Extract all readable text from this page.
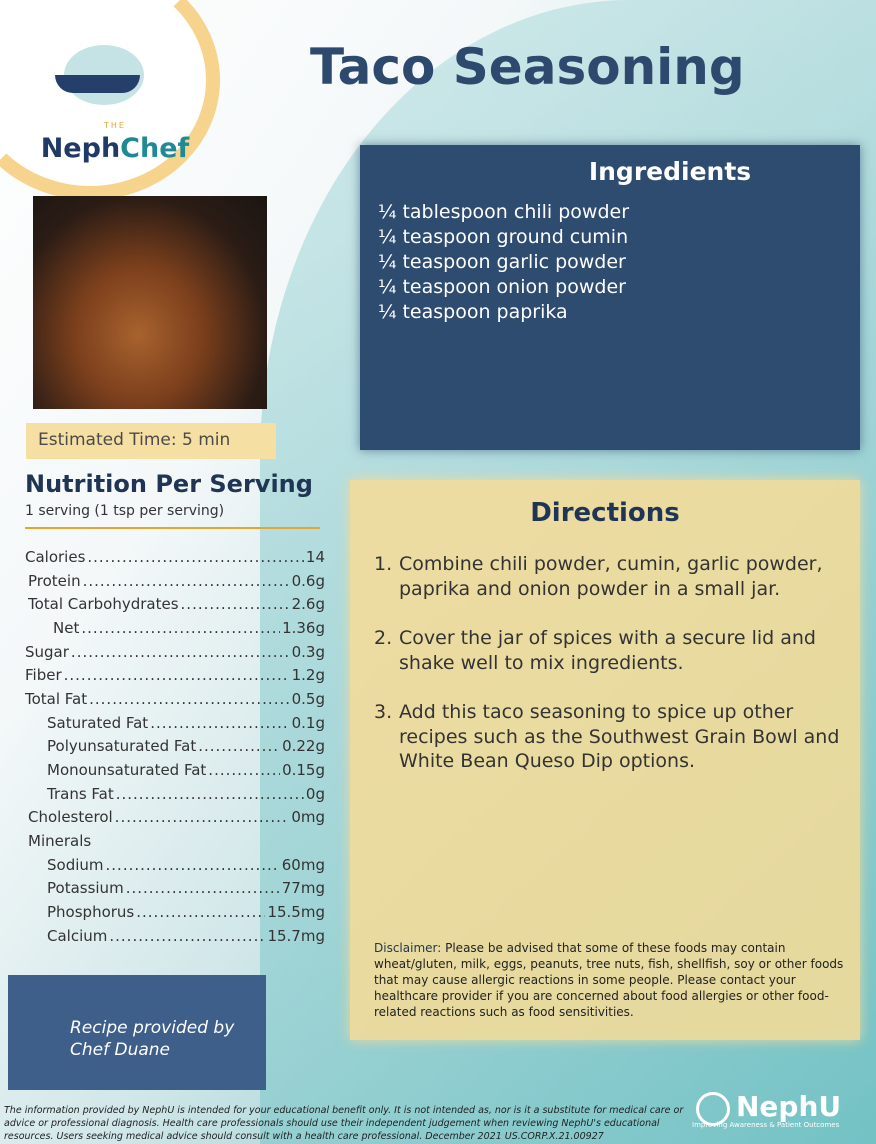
THE
NephChef
Taco Seasoning
Estimated Time: 5 min
Nutrition Per Serving
1 serving (1 tsp per serving)
Calories .....	14
Protein .....	0.6g
Total Carbohydrates .....	2.6g
Net .....	1.36g
Sugar .....	0.3g
Fiber .....	1.2g
Total Fat .....	0.5g
Saturated Fat .....	0.1g
Polyunsaturated Fat .....	0.22g
Monounsaturated Fat .....	0.15g
Trans Fat .....	0g
Cholesterol .....	0mg
Minerals
Sodium .....	60mg
Potassium .....	77mg
Phosphorus .....	15.5mg
Calcium .....	15.7mg
Ingredients
¼ tablespoon chili powder
¼ teaspoon ground cumin
¼ teaspoon garlic powder
¼ teaspoon onion powder
¼ teaspoon paprika
Directions
1. Combine chili powder, cumin, garlic powder, paprika and onion powder in a small jar.
2. Cover the jar of spices with a secure lid and shake well to mix ingredients.
3. Add this taco seasoning to spice up other recipes such as the Southwest Grain Bowl and White Bean Queso Dip options.
Disclaimer: Please be advised that some of these foods may contain wheat/gluten, milk, eggs, peanuts, tree nuts, fish, shellfish, soy or other foods that may cause allergic reactions in some people. Please contact your healthcare provider if you are concerned about food allergies or other food-related reactions such as food sensitivities.
Recipe provided by
Chef Duane
The information provided by NephU is intended for your educational benefit only. It is not intended as, nor is it a substitute for medical care or advice or professional diagnosis. Health care professionals should use their independent judgement when reviewing NephU's educational resources. Users seeking medical advice should consult with a health care professional. December 2021 US.CORP.X.21.00927
NephU
Improving Awareness & Patient Outcomes
